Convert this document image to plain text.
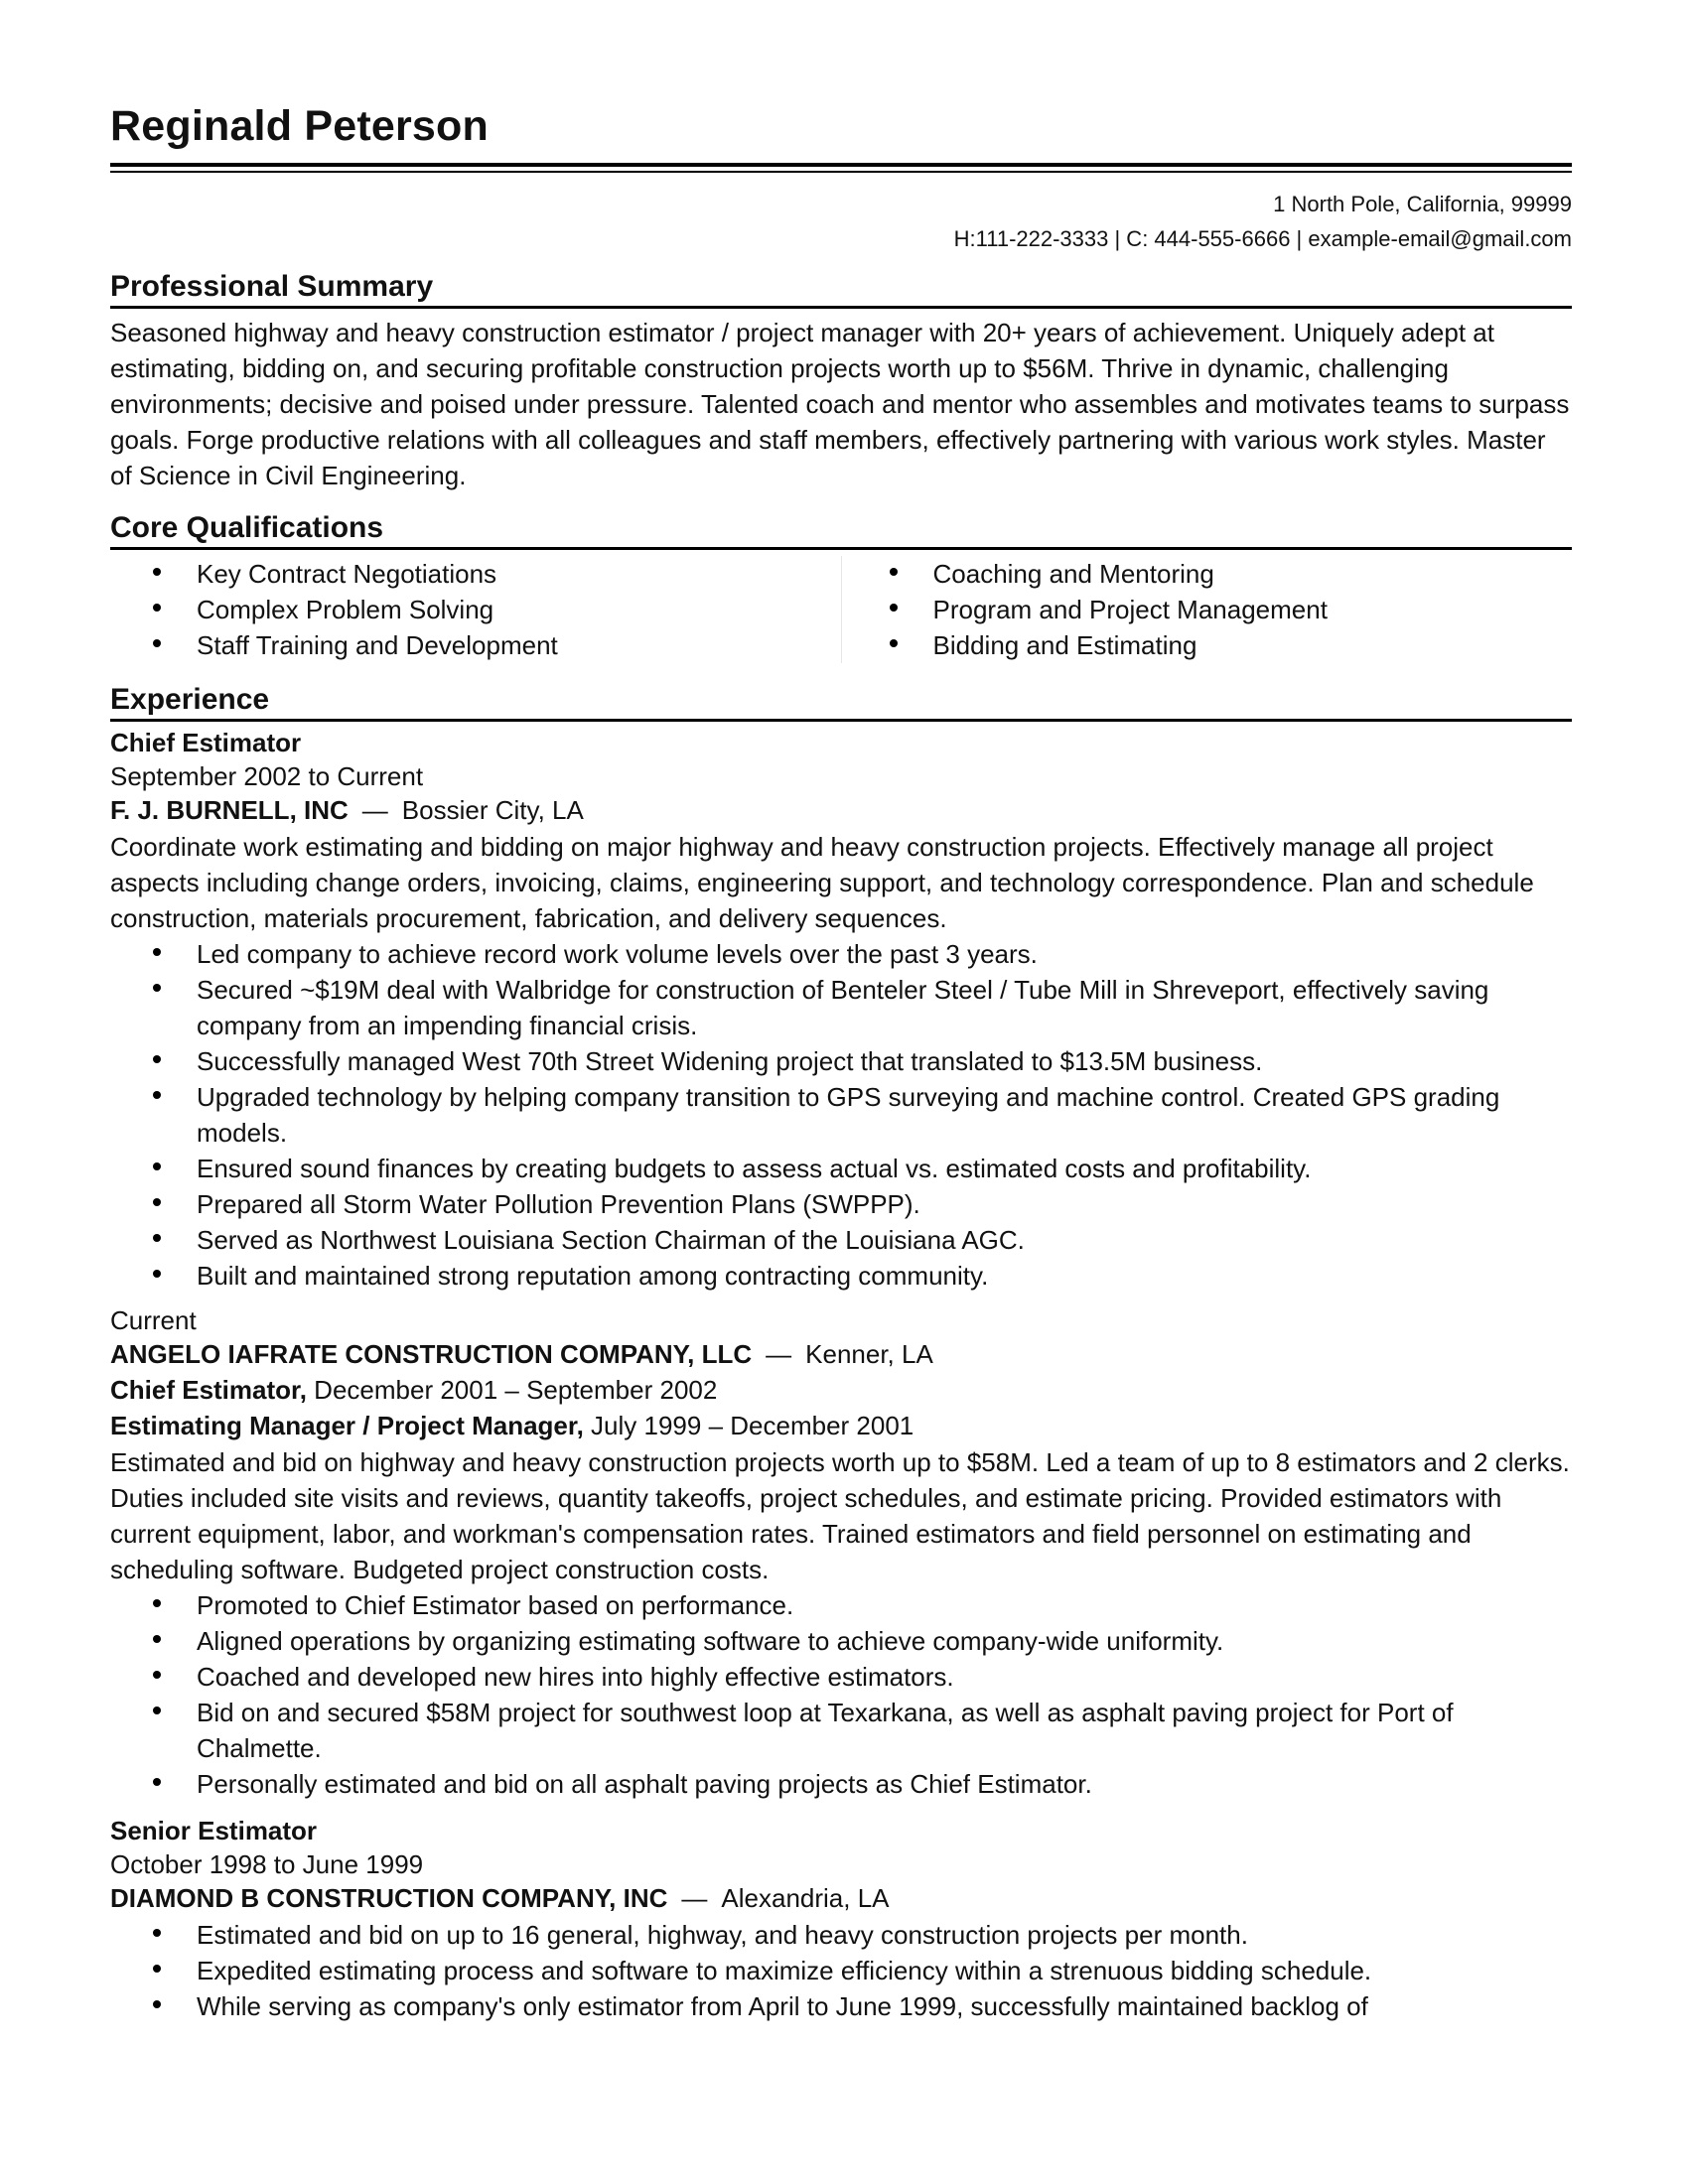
Reginald Peterson
1 North Pole, California, 99999
H:111-222-3333 | C: 444-555-6666 | example-email@gmail.com
Professional Summary
Seasoned highway and heavy construction estimator / project manager with 20+ years of achievement. Uniquely adept at estimating, bidding on, and securing profitable construction projects worth up to $56M. Thrive in dynamic, challenging environments; decisive and poised under pressure. Talented coach and mentor who assembles and motivates teams to surpass goals. Forge productive relations with all colleagues and staff members, effectively partnering with various work styles. Master of Science in Civil Engineering.
Core Qualifications
Key Contract Negotiations
Complex Problem Solving
Staff Training and Development
Coaching and Mentoring
Program and Project Management
Bidding and Estimating
Experience
Chief Estimator
September 2002 to Current
F. J. BURNELL, INC — Bossier City, LA
Coordinate work estimating and bidding on major highway and heavy construction projects. Effectively manage all project aspects including change orders, invoicing, claims, engineering support, and technology correspondence. Plan and schedule construction, materials procurement, fabrication, and delivery sequences.
Led company to achieve record work volume levels over the past 3 years.
Secured ~$19M deal with Walbridge for construction of Benteler Steel / Tube Mill in Shreveport, effectively saving company from an impending financial crisis.
Successfully managed West 70th Street Widening project that translated to $13.5M business.
Upgraded technology by helping company transition to GPS surveying and machine control. Created GPS grading models.
Ensured sound finances by creating budgets to assess actual vs. estimated costs and profitability.
Prepared all Storm Water Pollution Prevention Plans (SWPPP).
Served as Northwest Louisiana Section Chairman of the Louisiana AGC.
Built and maintained strong reputation among contracting community.
Current
ANGELO IAFRATE CONSTRUCTION COMPANY, LLC — Kenner, LA
Chief Estimator, December 2001 – September 2002
Estimating Manager / Project Manager, July 1999 – December 2001
Estimated and bid on highway and heavy construction projects worth up to $58M. Led a team of up to 8 estimators and 2 clerks. Duties included site visits and reviews, quantity takeoffs, project schedules, and estimate pricing. Provided estimators with current equipment, labor, and workman's compensation rates. Trained estimators and field personnel on estimating and scheduling software. Budgeted project construction costs.
Promoted to Chief Estimator based on performance.
Aligned operations by organizing estimating software to achieve company-wide uniformity.
Coached and developed new hires into highly effective estimators.
Bid on and secured $58M project for southwest loop at Texarkana, as well as asphalt paving project for Port of Chalmette.
Personally estimated and bid on all asphalt paving projects as Chief Estimator.
Senior Estimator
October 1998 to June 1999
DIAMOND B CONSTRUCTION COMPANY, INC — Alexandria, LA
Estimated and bid on up to 16 general, highway, and heavy construction projects per month.
Expedited estimating process and software to maximize efficiency within a strenuous bidding schedule.
While serving as company's only estimator from April to June 1999, successfully maintained backlog of
